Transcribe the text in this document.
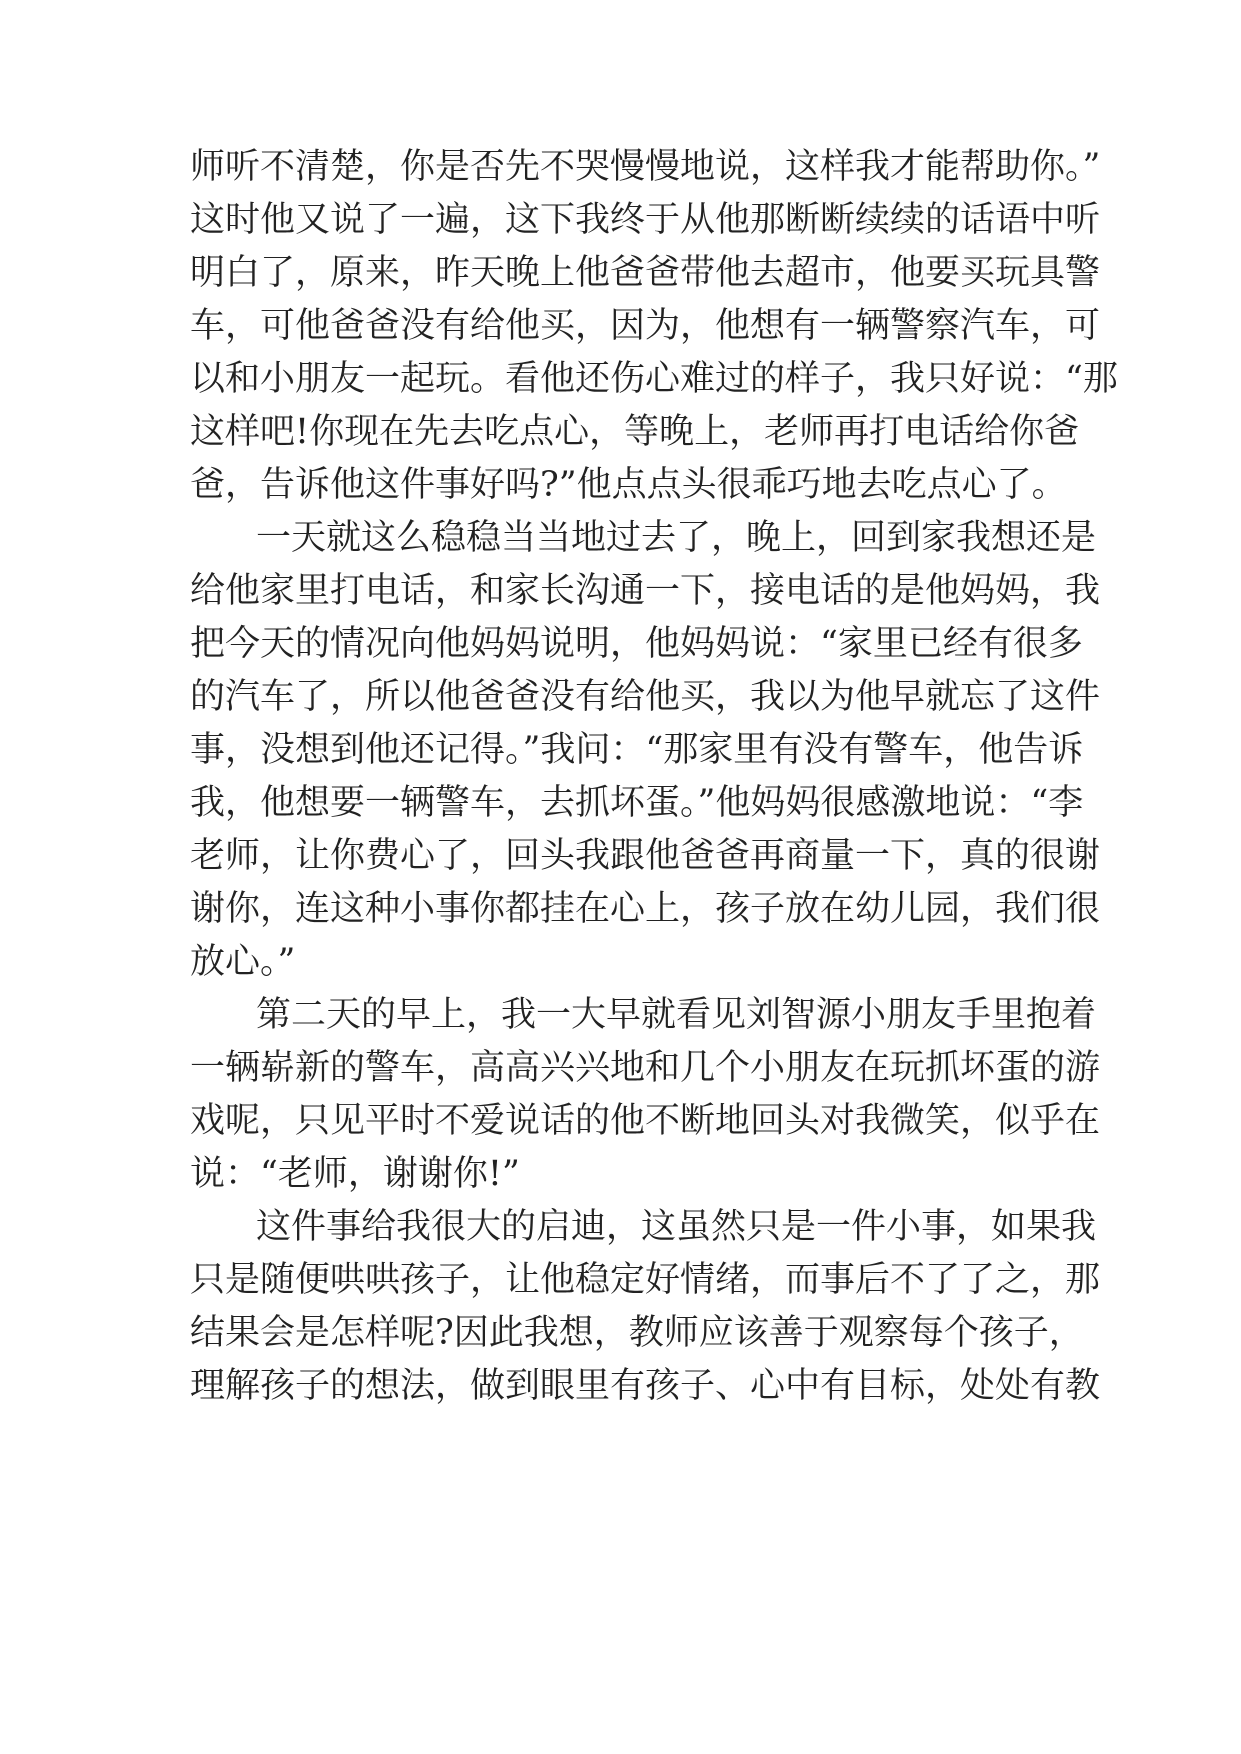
师听不清楚，你是否先不哭慢慢地说，这样我才能帮助你。”
这时他又说了一遍，这下我终于从他那断断续续的话语中听
明白了，原来，昨天晚上他爸爸带他去超市，他要买玩具警
车，可他爸爸没有给他买，因为，他想有一辆警察汽车，可
以和小朋友一起玩。看他还伤心难过的样子，我只好说：“那
这样吧!你现在先去吃点心，等晚上，老师再打电话给你爸
爸，告诉他这件事好吗?”他点点头很乖巧地去吃点心了。
一天就这么稳稳当当地过去了，晚上，回到家我想还是
给他家里打电话，和家长沟通一下，接电话的是他妈妈，我
把今天的情况向他妈妈说明，他妈妈说：“家里已经有很多
的汽车了，所以他爸爸没有给他买，我以为他早就忘了这件
事，没想到他还记得。”我问：“那家里有没有警车，他告诉
我，他想要一辆警车，去抓坏蛋。”他妈妈很感激地说：“李
老师，让你费心了，回头我跟他爸爸再商量一下，真的很谢
谢你，连这种小事你都挂在心上，孩子放在幼儿园，我们很
放心。”
第二天的早上，我一大早就看见刘智源小朋友手里抱着
一辆崭新的警车，高高兴兴地和几个小朋友在玩抓坏蛋的游
戏呢，只见平时不爱说话的他不断地回头对我微笑，似乎在
说：“老师，谢谢你!”
这件事给我很大的启迪，这虽然只是一件小事，如果我
只是随便哄哄孩子，让他稳定好情绪，而事后不了了之，那
结果会是怎样呢?因此我想，教师应该善于观察每个孩子，
理解孩子的想法，做到眼里有孩子、心中有目标，处处有教
